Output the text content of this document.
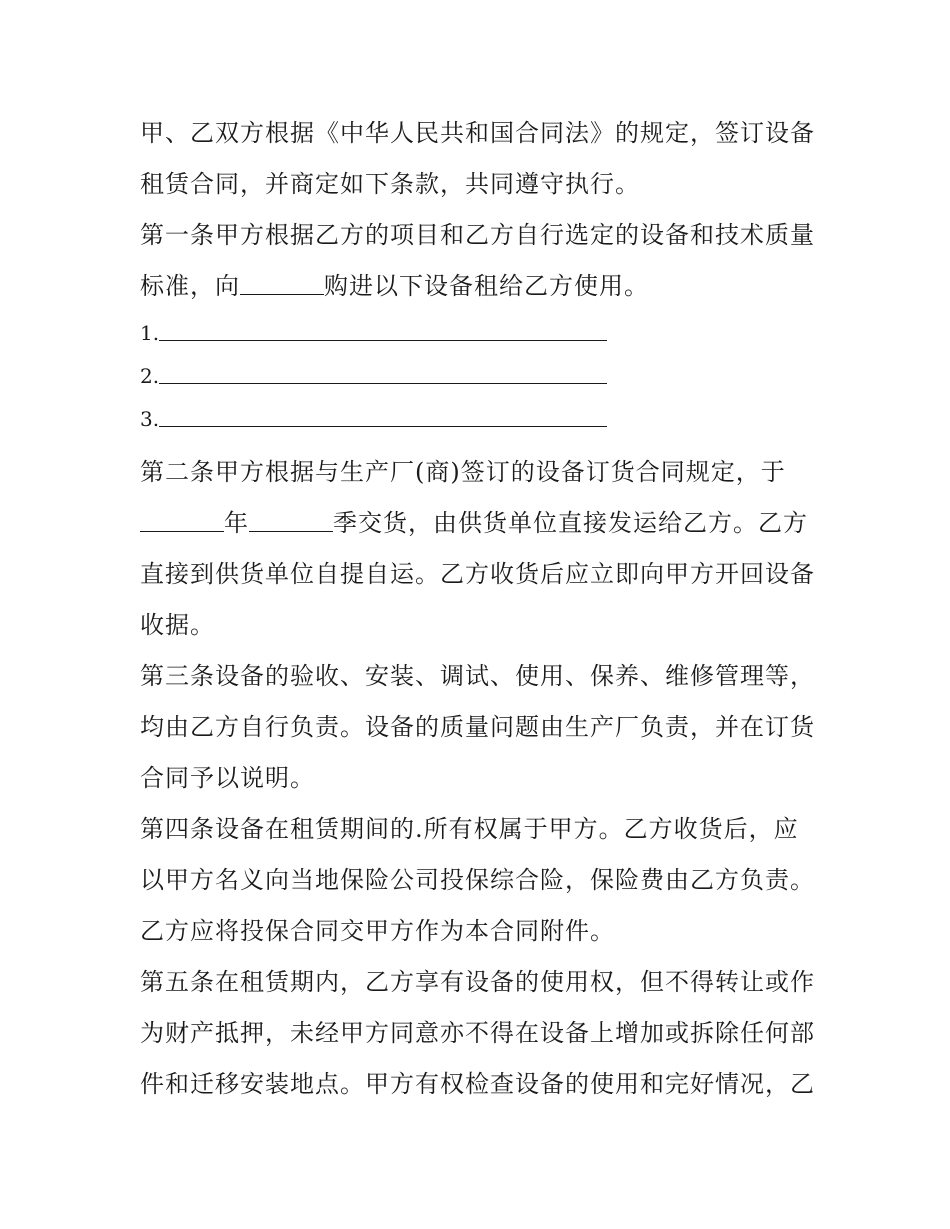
甲、乙双方根据《中华人民共和国合同法》的规定，签订设备
租赁合同，并商定如下条款，共同遵守执行。
第一条甲方根据乙方的项目和乙方自行选定的设备和技术质量
标准，向	购进以下设备租给乙方使用。
1.
2.
3.
第二条甲方根据与生产厂(商)签订的设备订货合同规定，于
年	季交货，由供货单位直接发运给乙方。乙方
直接到供货单位自提自运。乙方收货后应立即向甲方开回设备
收据。
第三条设备的验收、安装、调试、使用、保养、维修管理等，
均由乙方自行负责。设备的质量问题由生产厂负责，并在订货
合同予以说明。
第四条设备在租赁期间的.所有权属于甲方。乙方收货后，应
以甲方名义向当地保险公司投保综合险，保险费由乙方负责。
乙方应将投保合同交甲方作为本合同附件。
第五条在租赁期内，乙方享有设备的使用权，但不得转让或作
为财产抵押，未经甲方同意亦不得在设备上增加或拆除任何部
件和迁移安装地点。甲方有权检查设备的使用和完好情况，乙
